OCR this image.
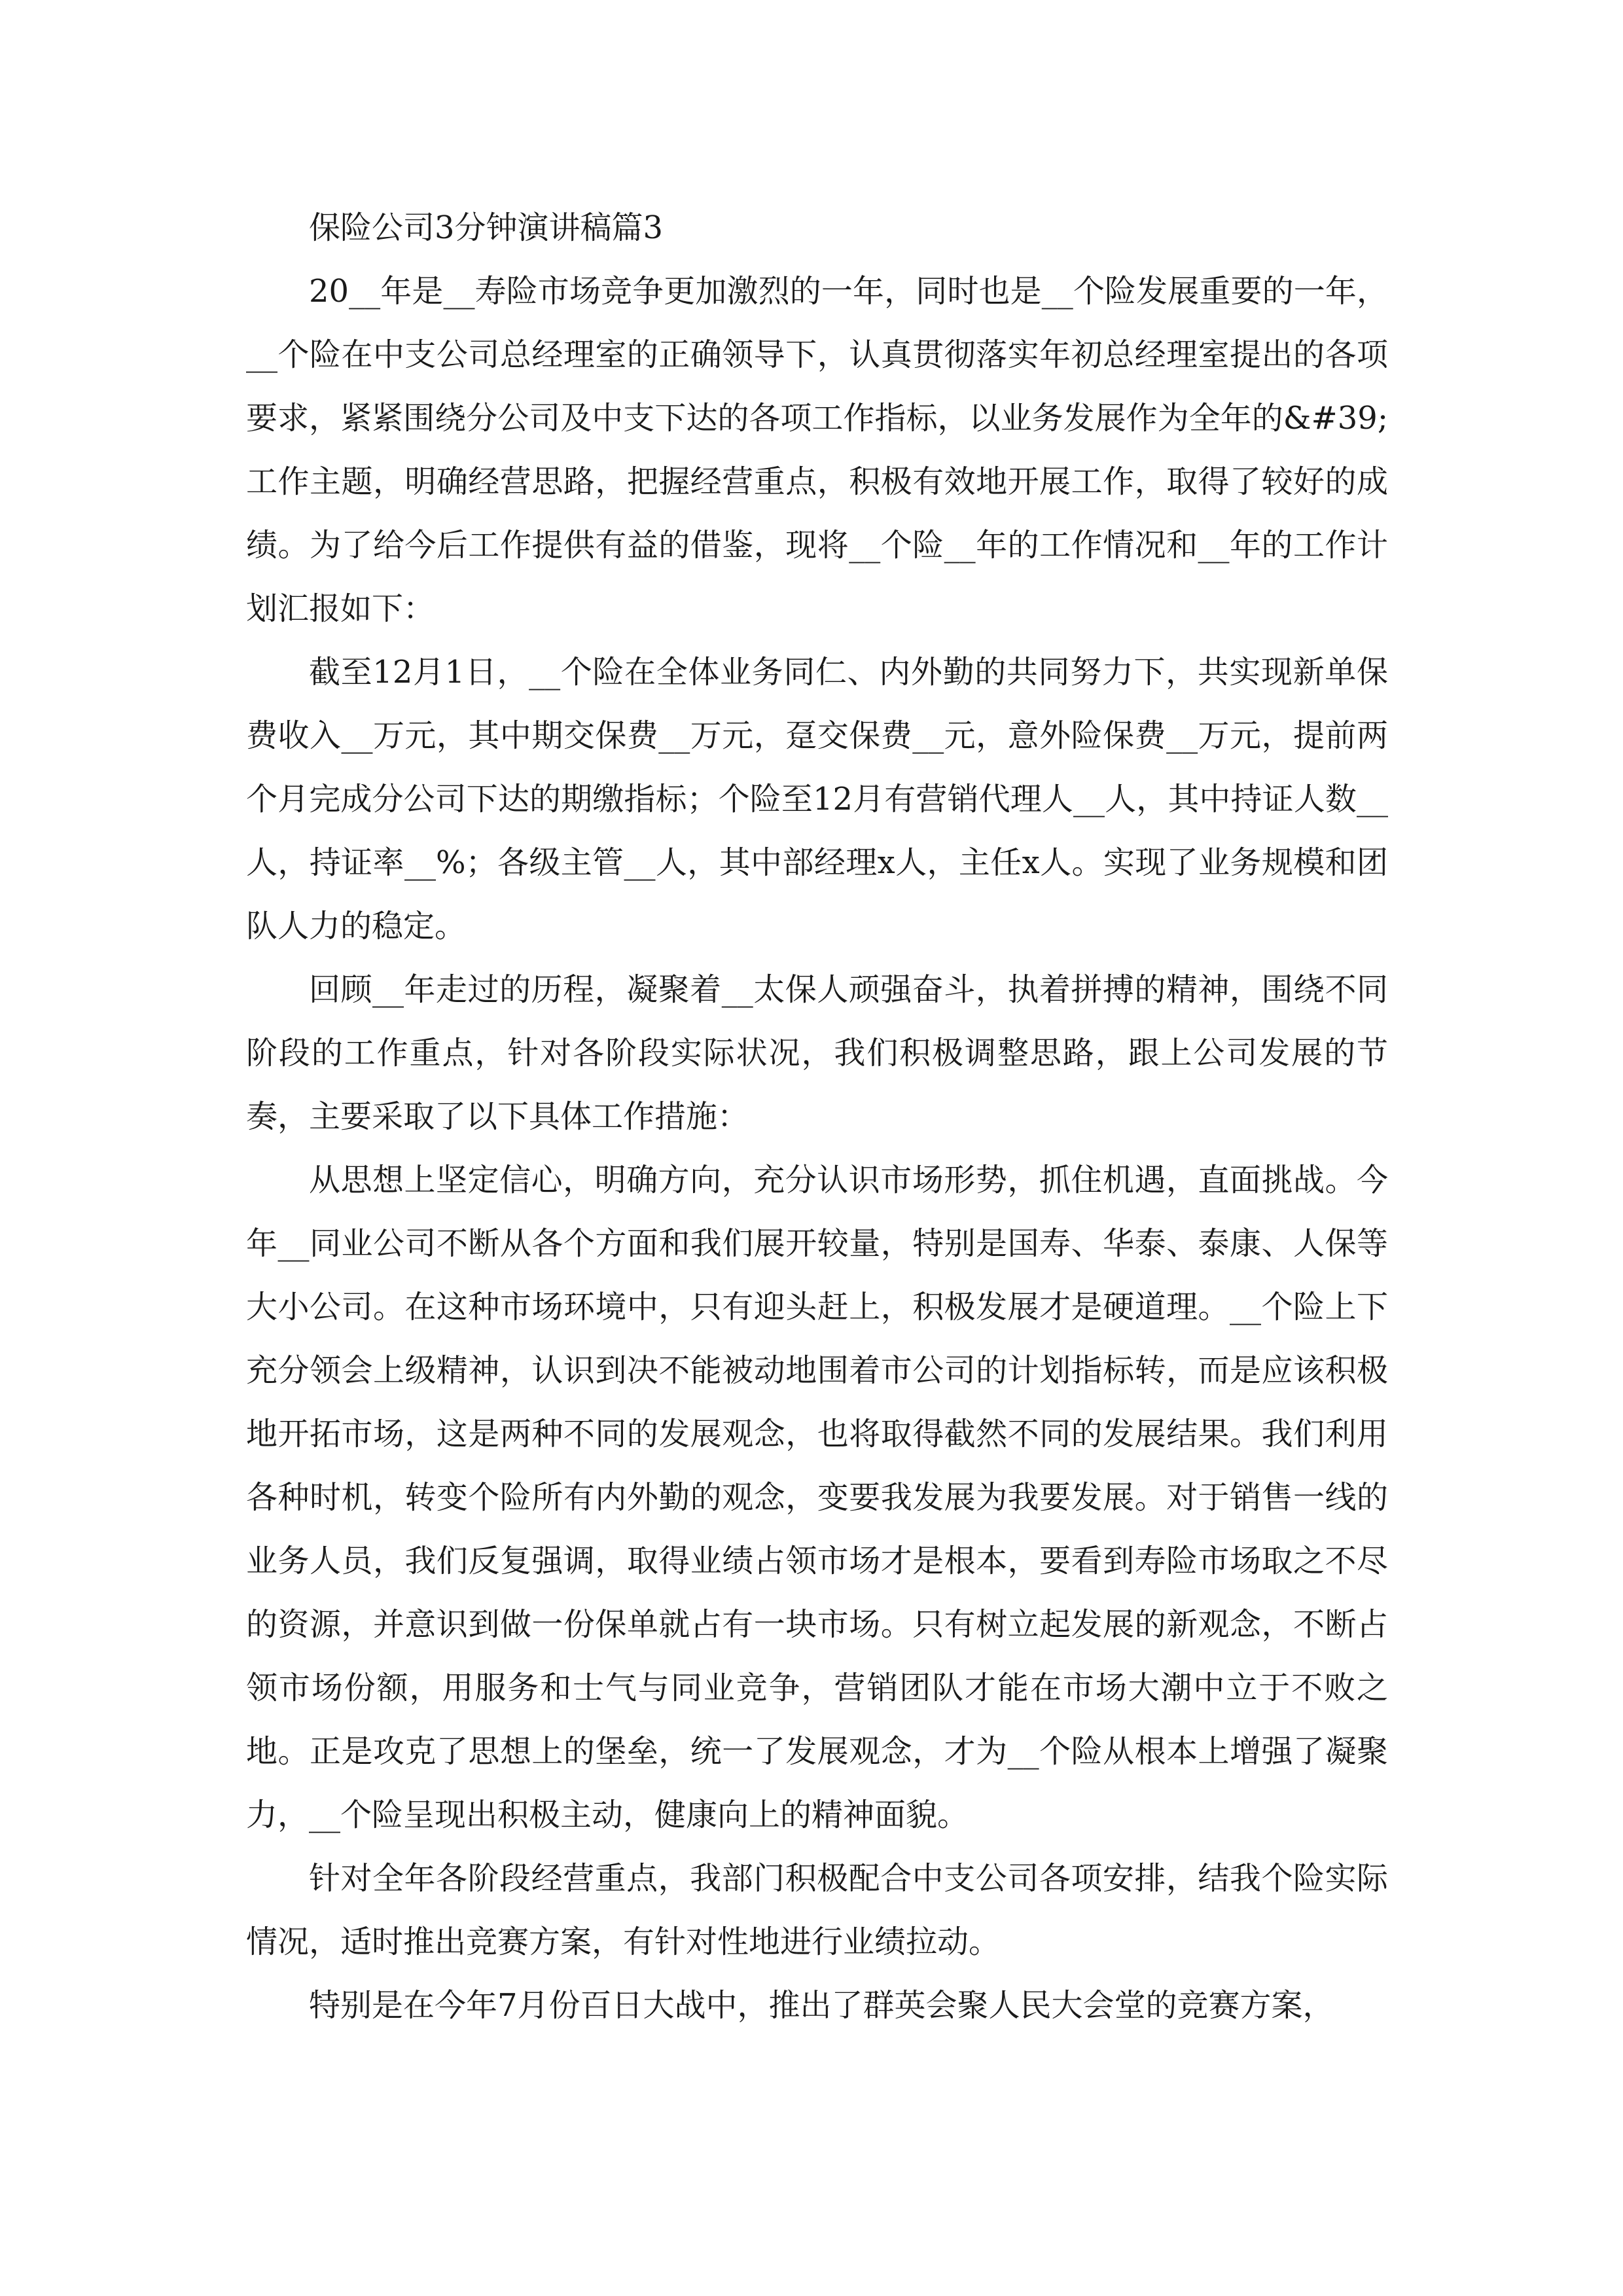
保险公司3分钟演讲稿篇3

20__年是__寿险市场竞争更加激烈的一年，同时也是__个险发展重要的一年，__个险在中支公司总经理室的正确领导下，认真贯彻落实年初总经理室提出的各项要求，紧紧围绕分公司及中支下达的各项工作指标，以业务发展作为全年的&#39;工作主题，明确经营思路，把握经营重点，积极有效地开展工作，取得了较好的成绩。为了给今后工作提供有益的借鉴，现将__个险__年的工作情况和__年的工作计划汇报如下：

截至12月1日，__个险在全体业务同仁、内外勤的共同努力下，共实现新单保费收入__万元，其中期交保费__万元，趸交保费__元，意外险保费__万元，提前两个月完成分公司下达的期缴指标；个险至12月有营销代理人__人，其中持证人数__人，持证率__%；各级主管__人，其中部经理x人，主任x人。实现了业务规模和团队人力的稳定。

回顾__年走过的历程，凝聚着__太保人顽强奋斗，执着拼搏的精神，围绕不同阶段的工作重点，针对各阶段实际状况，我们积极调整思路，跟上公司发展的节奏，主要采取了以下具体工作措施：

从思想上坚定信心，明确方向，充分认识市场形势，抓住机遇，直面挑战。今年__同业公司不断从各个方面和我们展开较量，特别是国寿、华泰、泰康、人保等大小公司。在这种市场环境中，只有迎头赶上，积极发展才是硬道理。__个险上下充分领会上级精神，认识到决不能被动地围着市公司的计划指标转，而是应该积极地开拓市场，这是两种不同的发展观念，也将取得截然不同的发展结果。我们利用各种时机，转变个险所有内外勤的观念，变要我发展为我要发展。对于销售一线的业务人员，我们反复强调，取得业绩占领市场才是根本，要看到寿险市场取之不尽的资源，并意识到做一份保单就占有一块市场。只有树立起发展的新观念，不断占领市场份额，用服务和士气与同业竞争，营销团队才能在市场大潮中立于不败之地。正是攻克了思想上的堡垒，统一了发展观念，才为__个险从根本上增强了凝聚力，__个险呈现出积极主动，健康向上的精神面貌。

针对全年各阶段经营重点，我部门积极配合中支公司各项安排，结我个险实际情况，适时推出竞赛方案，有针对性地进行业绩拉动。

特别是在今年7月份百日大战中，推出了群英会聚人民大会堂的竞赛方案，
